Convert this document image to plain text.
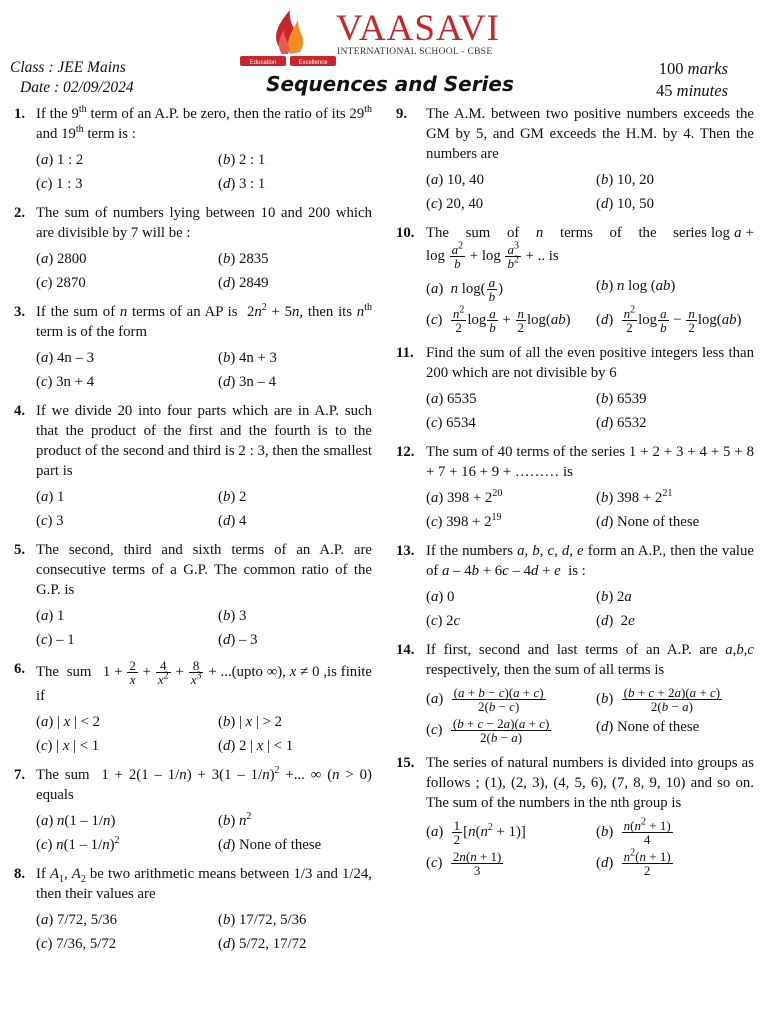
Education	Excellence
VAASAVI
INTERNATIONAL SCHOOL - CBSE
Class : JEE Mains
Date : 02/09/2024	Sequences and Series
100 marks
45 minutes
1. If the 9th term of an A.P. be zero, then the ratio of its 29th and 19th term is :
(a) 1 : 2	(b) 2 : 1
(c) 1 : 3	(d) 3 : 1
2. The sum of numbers lying between 10 and 200 which are divisible by 7 will be :
(a) 2800	(b) 2835
(c) 2870	(d) 2849
3. If the sum of n terms of an AP is  $2n^2 + 5n$, then its $n^{th}$ term is of the form
(a) 4n – 3	(b) 4n + 3
(c) 3n + 4	(d) 3n – 4
4. If we divide 20 into four parts which are in A.P. such that the product of the first and the fourth is to the product of the second and third is 2 : 3, then the smallest part is
(a) 1	(b) 2
(c) 3	(d) 4
5. The second, third and sixth terms of an A.P. are consecutive terms of a G.P. The common ratio of the G.P. is
(a) 1	(b) 3
(c) – 1	(d) – 3
6. The  sum   $1 + \frac{2}{x} + \frac{4}{x^2} + \frac{8}{x^3}$ + ...(upto ∞), x ≠ 0 ,is finite if
(a) | x | < 2	(b) | x | > 2
(c) | x | < 1	(d) 2 | x | < 1
7. The sum  1 + 2(1 – 1/n) + 3(1 – 1/n)$^2$ +... ∞ (n > 0) equals
(a) n(1 – 1/n)	(b) $n^2$
(c) n(1 – 1/n)$^2$	(d) None of these
8. If $A_1$, $A_2$ be two arithmetic means between 1/3 and 1/24, then their values are
(a) 7/72, 5/36	(b) 17/72, 5/36
(c) 7/36, 5/72	(d) 5/72, 17/72
9. The A.M. between two positive numbers exceeds the GM by 5, and GM exceeds the H.M. by 4. Then the numbers are
(a) 10, 40	(b) 10, 20
(c) 20, 40	(d) 10, 50
10. The    sum    of    n    terms    of    the    series $\log a + \log \frac{a^2}{b} + \log \frac{a^3}{b^2}$ + .. is
(a)  n $\log( \frac{a}{b}$ )	(b) n log (ab)
$(c) \frac{n^2}{2}$ $\log \frac{a}{b} + \frac{n}{2} \log(ab)$	$(d) \frac{n^2}{2}$ $\log \frac{a}{b} - \frac{n}{2} \log(ab)$
11. Find the sum of all the even positive integers less than 200 which are not divisible by 6
(a) 6535	(b) 6539
(c) 6534	(d) 6532
12. The sum of 40 terms of the series 1 + 2 + 3 + 4 + 5 + 8 + 7 + 16 + 9 + ……… is
(a) $398 + 2^{20}$	(b) $398 + 2^{21}$
(c) $398 + 2^{19}$	(d) None of these
13. If the numbers a, b, c, d, e form an A.P., then the value of a – 4b + 6c – 4d + e  is :
(a) 0	(b) 2a
(c) 2c	(d)  2e
14. If first, second and last terms of an A.P. are a,b,c respectively, then the sum of all terms is
$(a) \frac{(a + b - c)(a + c)}{2(b - c)}$	$(b) \frac{(b + c + 2a)(a + c)}{2(b - a)}$
$(c) \frac{(b + c - 2a)(a + c)}{2(b - a)}$	(d) None of these
15. The series of natural numbers is divided into groups as follows ; (1), (2, 3), (4, 5, 6), (7, 8, 9, 10) and so on. The sum of the numbers in the nth group is
$(a) \frac{1}{2} [n(n^2 + 1)]$	$(b) \frac{n(n^2 + 1)}{4}$
$(c) \frac{2n(n + 1)}{3}$	$(d) \frac{n^2(n + 1)}{2}$
